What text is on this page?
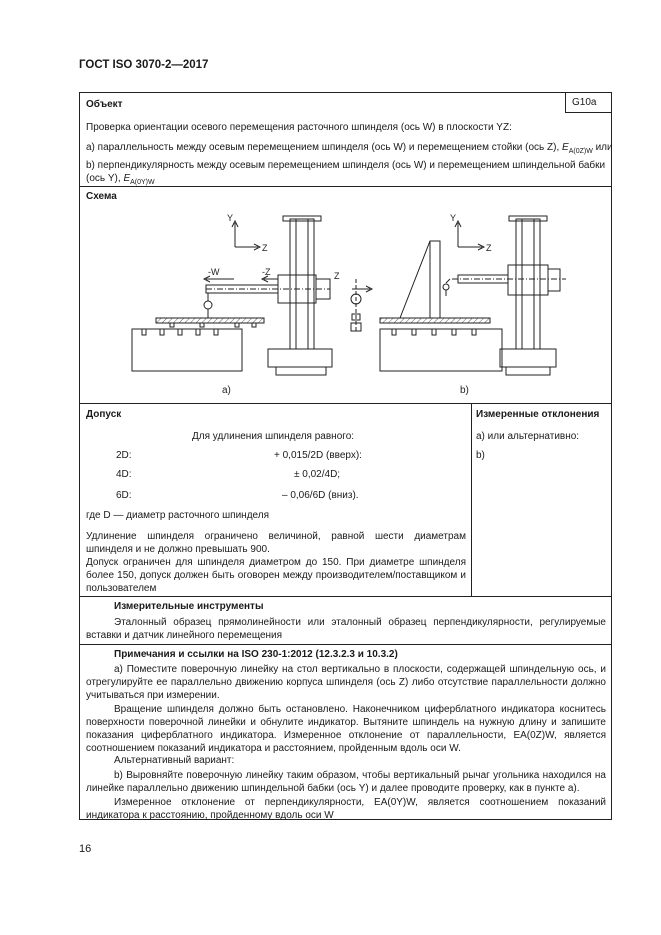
ГОСТ ISO 3070-2—2017
G10a
Объект
Проверка ориентации осевого перемещения расточного шпинделя (ось W) в плоскости YZ:
a) параллельность между осевым перемещением шпинделя (ось W) и перемещением стойки (ось Z), $E_{A(0Z)W}$ или
b) перпендикулярность между осевым перемещением шпинделя (ось W) и перемещением шпиндельной бабки (ось Y), $E_{A(0Y)W}$
Схема
Y
Z
-W	-Z	Z
Y
Z
a)	b)
Допуск
Для удлинения шпинделя равного:
2D:	+ 0,015/2D (вверх):
4D:	± 0,02/4D;
6D:	– 0,06/6D (вниз).
где D — диаметр расточного шпинделя
Удлинение шпинделя ограничено величиной, равной шести диаметрам шпинделя и не должно превышать 900.
Допуск ограничен для шпинделя диаметром до 150. При диаметре шпинделя более 150, допуск должен быть оговорен между производителем/поставщиком и пользователем
Измеренные отклонения
a) или альтернативно:
b)
Измерительные инструменты
Эталонный образец прямолинейности или эталонный образец перпендикулярности, регулируемые вставки и датчик линейного перемещения
Примечания и ссылки на ISO 230-1:2012 (12.3.2.3 и 10.3.2)
a) Поместите поверочную линейку на стол вертикально в плоскости, содержащей шпиндельную ось, и отрегулируйте ее параллельно движению корпуса шпинделя (ось Z) либо отсутствие параллельности должно учитываться при измерении.
Вращение шпинделя должно быть остановлено. Наконечником циферблатного индикатора коснитесь поверхности поверочной линейки и обнулите индикатор. Вытяните шпиндель на нужную длину и запишите показания циферблатного индикатора. Измеренное отклонение от параллельности, EA(0Z)W, является соотношением показаний индикатора и расстоянием, пройденным вдоль оси W.
Альтернативный вариант:
b) Выровняйте поверочную линейку таким образом, чтобы вертикальный рычаг угольника находился на линейке параллельно движению шпиндельной бабки (ось Y) и далее проводите проверку, как в пункте a).
Измеренное отклонение от перпендикулярности, EA(0Y)W, является соотношением показаний индикатора к расстоянию, пройденному вдоль оси W
16
